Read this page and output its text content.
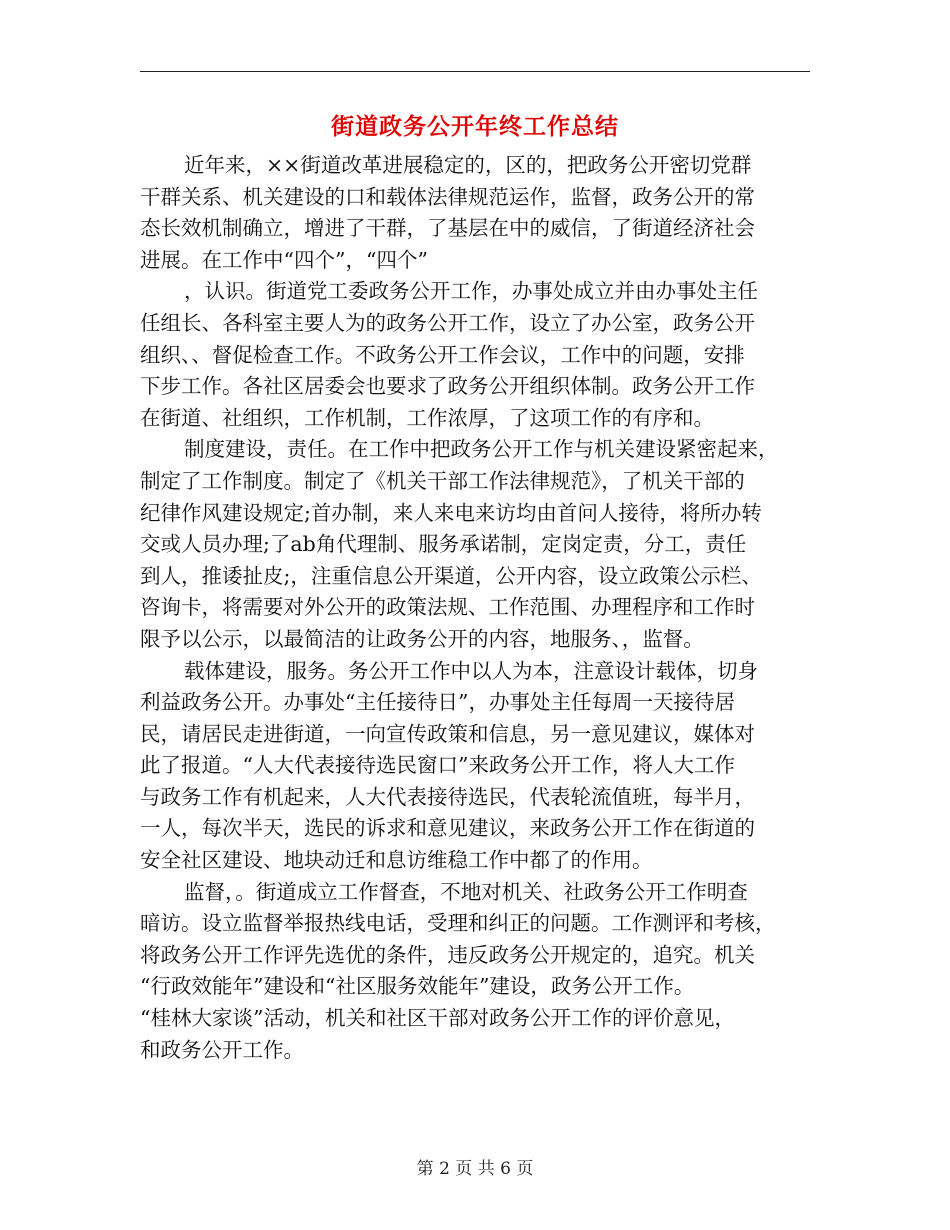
街道政务公开年终工作总结
近年来，××街道改革进展稳定的，区的，把政务公开密切党群
干群关系、机关建设的口和载体法律规范运作，监督，政务公开的常
态长效机制确立，增进了干群，了基层在中的威信，了街道经济社会
进展。在工作中“四个”，“四个”
，认识。街道党工委政务公开工作，办事处成立并由办事处主任
任组长、各科室主要人为的政务公开工作，设立了办公室，政务公开
组织、、督促检查工作。不政务公开工作会议，工作中的问题，安排
下步工作。各社区居委会也要求了政务公开组织体制。政务公开工作
在街道、社组织，工作机制，工作浓厚，了这项工作的有序和。
制度建设，责任。在工作中把政务公开工作与机关建设紧密起来，
制定了工作制度。制定了《机关干部工作法律规范》，了机关干部的
纪律作风建设规定;首办制，来人来电来访均由首问人接待，将所办转
交或人员办理;了ab角代理制、服务承诺制，定岗定责，分工，责任
到人，推诿扯皮;，注重信息公开渠道，公开内容，设立政策公示栏、
咨询卡，将需要对外公开的政策法规、工作范围、办理程序和工作时
限予以公示，以最简洁的让政务公开的内容，地服务、，监督。
载体建设，服务。务公开工作中以人为本，注意设计载体，切身
利益政务公开。办事处“主任接待日”，办事处主任每周一天接待居
民，请居民走进街道，一向宣传政策和信息，另一意见建议，媒体对
此了报道。“人大代表接待选民窗口”来政务公开工作，将人大工作
与政务工作有机起来，人大代表接待选民，代表轮流值班，每半月，
一人，每次半天，选民的诉求和意见建议，来政务公开工作在街道的
安全社区建设、地块动迁和息访维稳工作中都了的作用。
监督，。街道成立工作督查，不地对机关、社政务公开工作明查
暗访。设立监督举报热线电话，受理和纠正的问题。工作测评和考核，
将政务公开工作评先选优的条件，违反政务公开规定的，追究。机关
“行政效能年”建设和“社区服务效能年”建设，政务公开工作。
“桂林大家谈”活动，机关和社区干部对政务公开工作的评价意见，
和政务公开工作。
第 2 页 共 6 页
